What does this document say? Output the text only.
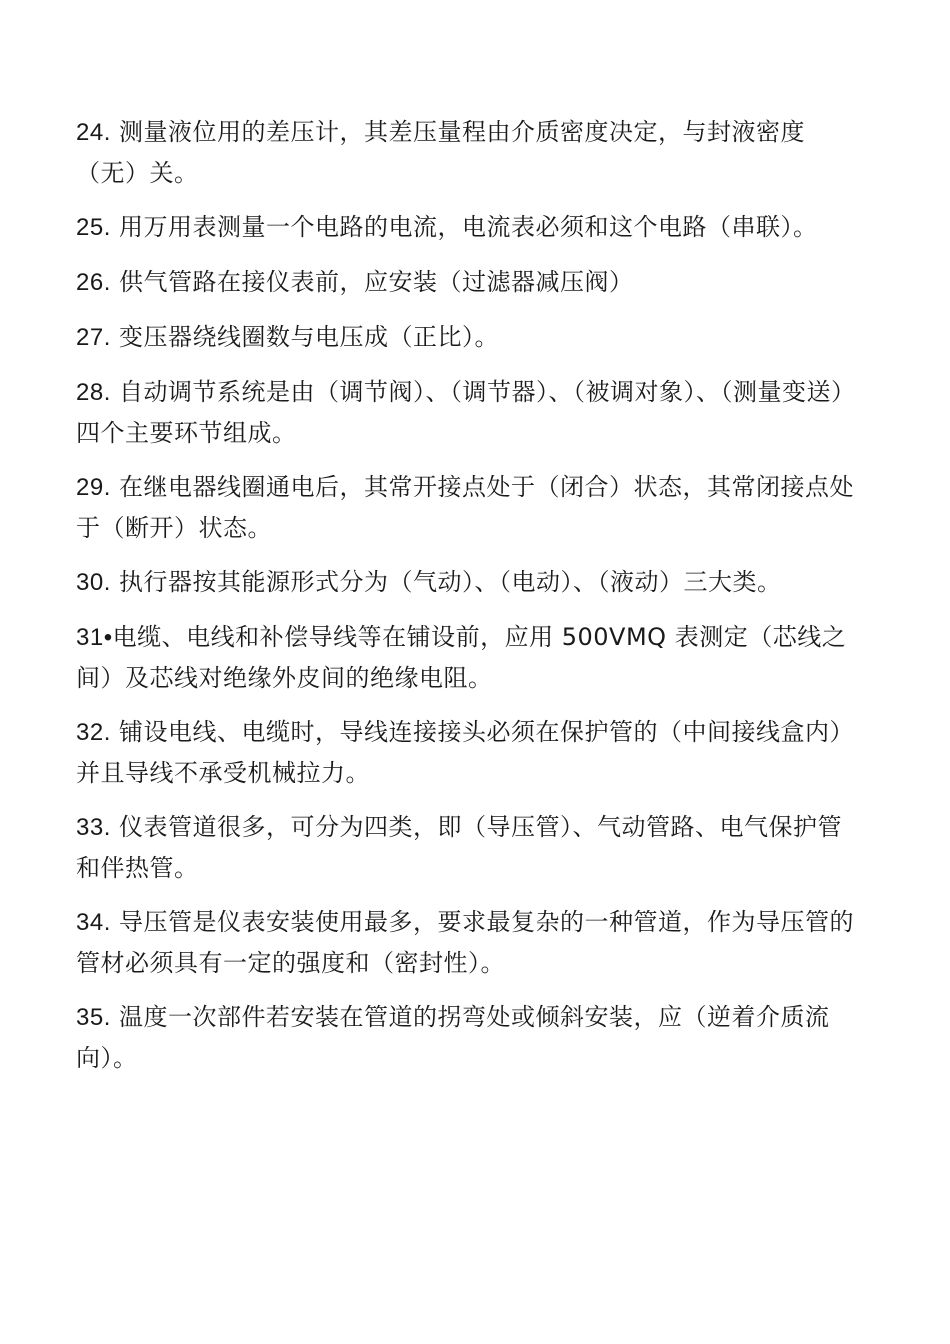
24. 测量液位用的差压计，其差压量程由介质密度决定，与封液密度（无）关。

25. 用万用表测量一个电路的电流，电流表必须和这个电路（串联）。

26. 供气管路在接仪表前，应安装（过滤器减压阀）

27. 变压器绕线圈数与电压成（正比）。

28. 自动调节系统是由（调节阀）、（调节器）、（被调对象）、（测量变送）四个主要环节组成。

29. 在继电器线圈通电后，其常开接点处于（闭合）状态，其常闭接点处于（断开）状态。

30. 执行器按其能源形式分为（气动）、（电动）、（液动）三大类。

31•电缆、电线和补偿导线等在铺设前，应用 500VMQ 表测定（芯线之间）及芯线对绝缘外皮间的绝缘电阻。

32. 铺设电线、电缆时，导线连接接头必须在保护管的（中间接线盒内）并且导线不承受机械拉力。

33. 仪表管道很多，可分为四类，即（导压管）、气动管路、电气保护管和伴热管。

34. 导压管是仪表安装使用最多，要求最复杂的一种管道，作为导压管的管材必须具有一定的强度和（密封性）。

35. 温度一次部件若安装在管道的拐弯处或倾斜安装，应（逆着介质流向）。
